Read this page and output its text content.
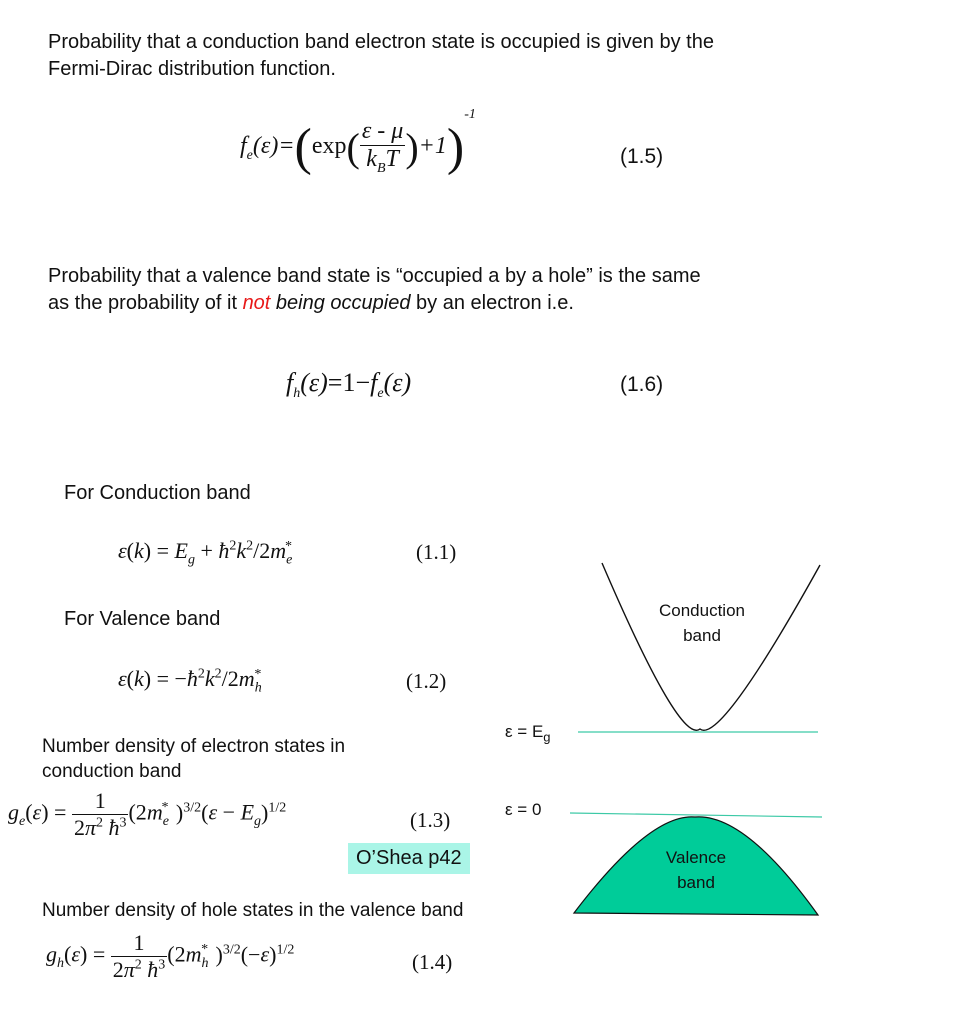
Probability that a conduction band electron state is occupied is given by the
Fermi-Dirac distribution function.
$f_e(\varepsilon)=(\exp( \frac{\varepsilon - \mu}{k_BT} )+1)^{-1}$
(1.5)
Probability that a valence band state is “occupied a by a hole” is the same
as the probability of it not being occupied by an electron i.e.
$f_h(\varepsilon)=1-f_e(\varepsilon)$	(1.6)
For Conduction band
$\varepsilon(k) = E_g$ + $ħ^2k^2/2m_e^*$	(1.1)
For Valence band
$\varepsilon(k) = -ħ^2k^2/2m_h^*$	(1.2)
Number density of electron states in
conduction band
$g_e(\varepsilon) = \frac{1}{2\pi^2 ħ^3} (2m_e^*$ )$^{3/2}(\varepsilon - E_g)^{1/2}$
(1.3)
O’Shea p42
Number density of hole states in the valence band
$g_h(\varepsilon) = \frac{1}{2\pi^2 ħ^3} (2m_h^*$ )$^{3/2}(-\varepsilon)^{1/2}$
(1.4)
$\varepsilon = E_g$
ε = 0
Conduction
band
Valence
band
